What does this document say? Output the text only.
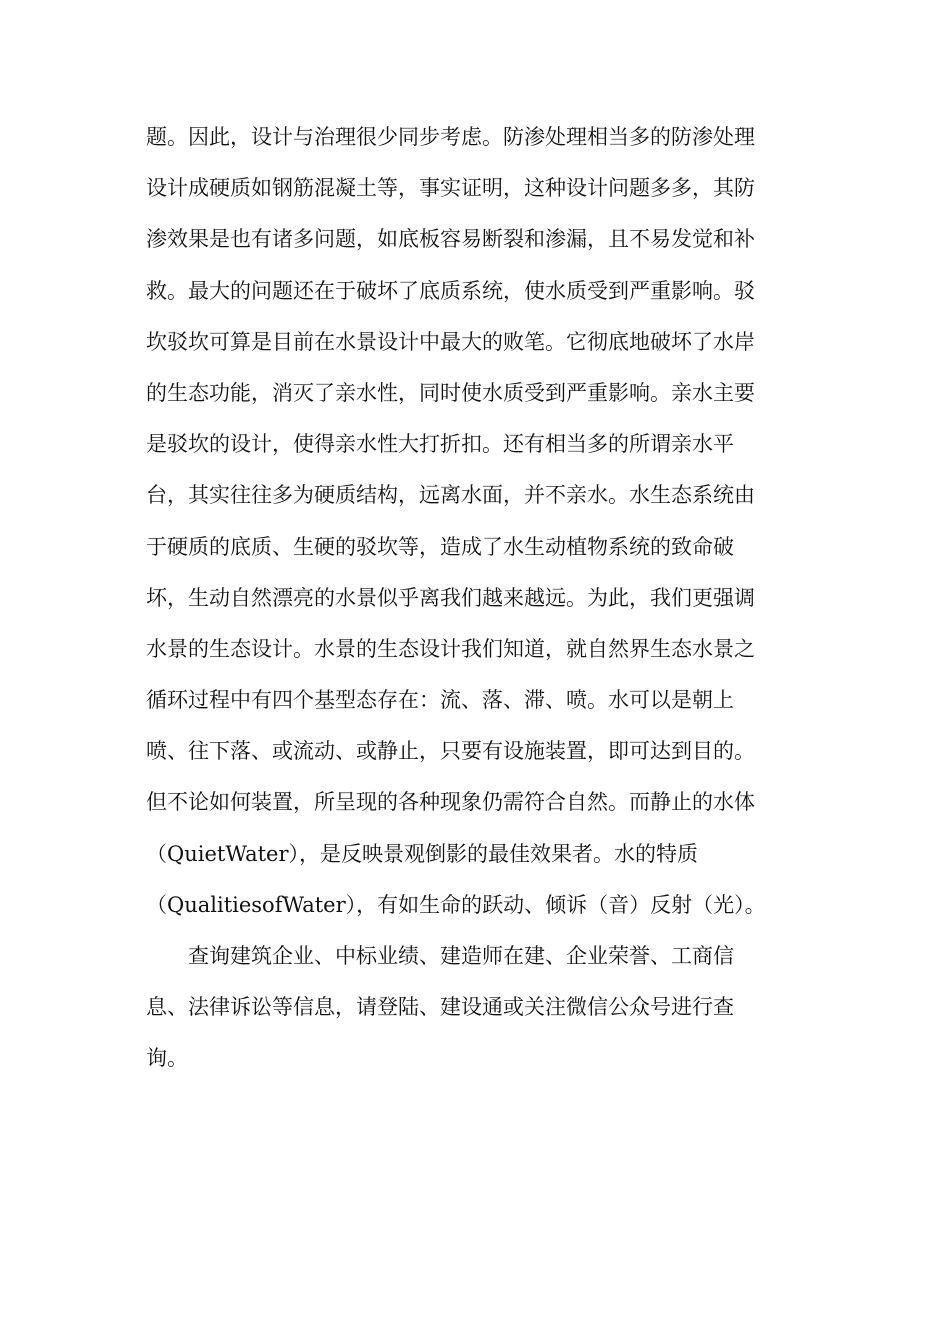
题。因此，设计与治理很少同步考虑。防渗处理相当多的防渗处理
设计成硬质如钢筋混凝土等，事实证明，这种设计问题多多，其防
渗效果是也有诸多问题，如底板容易断裂和渗漏，且不易发觉和补
救。最大的问题还在于破坏了底质系统，使水质受到严重影响。驳
坎驳坎可算是目前在水景设计中最大的败笔。它彻底地破坏了水岸
的生态功能，消灭了亲水性，同时使水质受到严重影响。亲水主要
是驳坎的设计，使得亲水性大打折扣。还有相当多的所谓亲水平
台，其实往往多为硬质结构，远离水面，并不亲水。水生态系统由
于硬质的底质、生硬的驳坎等，造成了水生动植物系统的致命破
坏，生动自然漂亮的水景似乎离我们越来越远。为此，我们更强调
水景的生态设计。水景的生态设计我们知道，就自然界生态水景之
循环过程中有四个基型态存在：流、落、滞、喷。水可以是朝上
喷、往下落、或流动、或静止，只要有设施装置，即可达到目的。
但不论如何装置，所呈现的各种现象仍需符合自然。而静止的水体
（QuietWater），是反映景观倒影的最佳效果者。水的特质
（QualitiesofWater），有如生命的跃动、倾诉（音）反射（光）。
查询建筑企业、中标业绩、建造师在建、企业荣誉、工商信
息、法律诉讼等信息，请登陆、建设通或关注微信公众号进行查
询。
